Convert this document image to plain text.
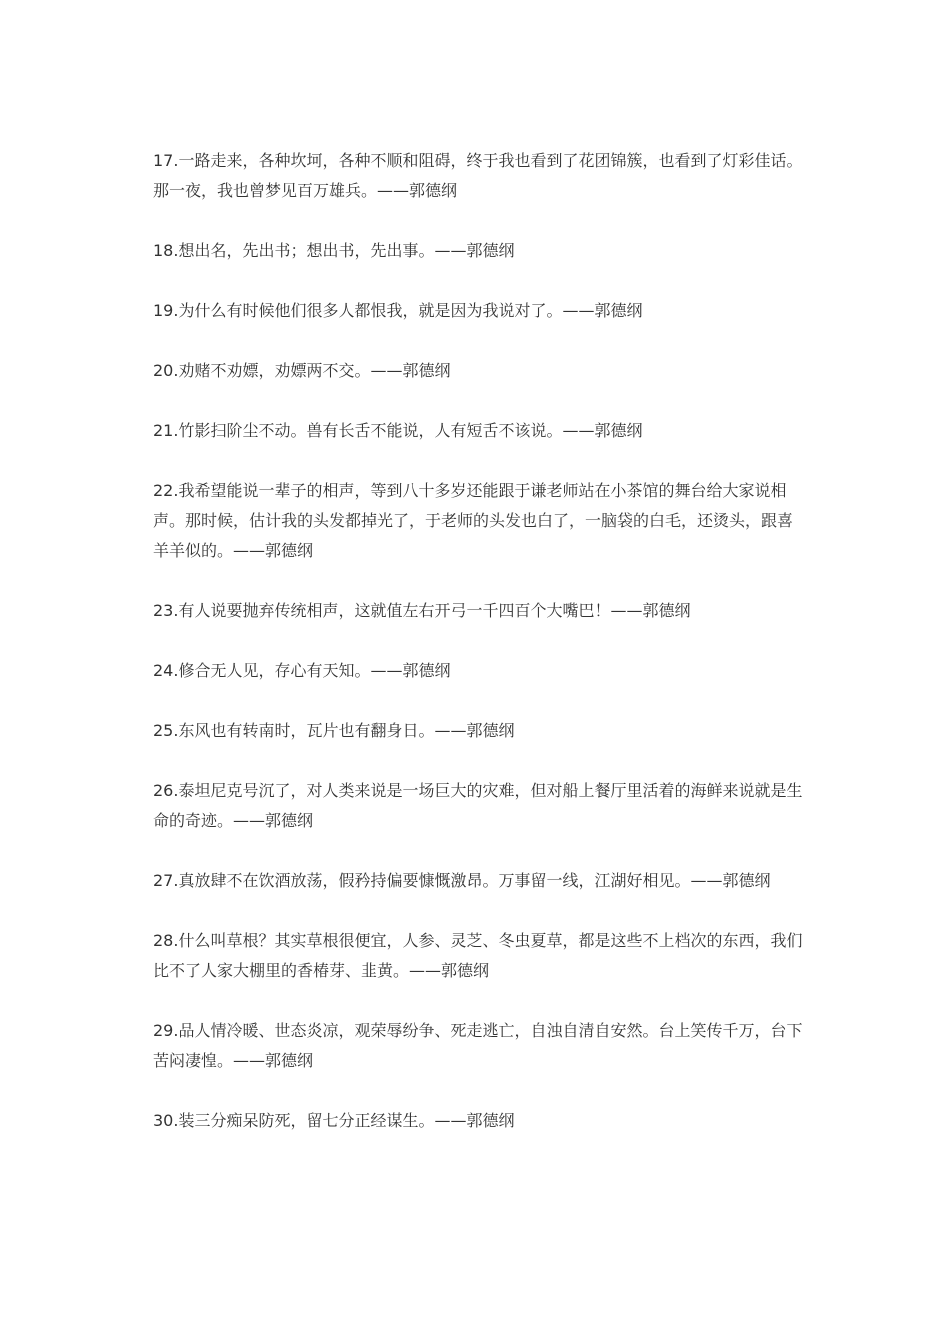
17.一路走来，各种坎坷，各种不顺和阻碍，终于我也看到了花团锦簇，也看到了灯彩佳话。那一夜，我也曾梦见百万雄兵。——郭德纲

18.想出名，先出书；想出书，先出事。——郭德纲

19.为什么有时候他们很多人都恨我，就是因为我说对了。——郭德纲

20.劝赌不劝嫖，劝嫖两不交。——郭德纲

21.竹影扫阶尘不动。兽有长舌不能说，人有短舌不该说。——郭德纲

22.我希望能说一辈子的相声，等到八十多岁还能跟于谦老师站在小茶馆的舞台给大家说相声。那时候，估计我的头发都掉光了，于老师的头发也白了，一脑袋的白毛，还烫头，跟喜羊羊似的。——郭德纲

23.有人说要抛弃传统相声，这就值左右开弓一千四百个大嘴巴！——郭德纲

24.修合无人见，存心有天知。——郭德纲

25.东风也有转南时，瓦片也有翻身日。——郭德纲

26.泰坦尼克号沉了，对人类来说是一场巨大的灾难，但对船上餐厅里活着的海鲜来说就是生命的奇迹。——郭德纲

27.真放肆不在饮酒放荡，假矜持偏要慷慨激昂。万事留一线，江湖好相见。——郭德纲

28.什么叫草根？其实草根很便宜，人参、灵芝、冬虫夏草，都是这些不上档次的东西，我们比不了人家大棚里的香椿芽、韭黄。——郭德纲

29.品人情冷暖、世态炎凉，观荣辱纷争、死走逃亡，自浊自清自安然。台上笑传千万，台下苦闷凄惶。——郭德纲

30.装三分痴呆防死，留七分正经谋生。——郭德纲
